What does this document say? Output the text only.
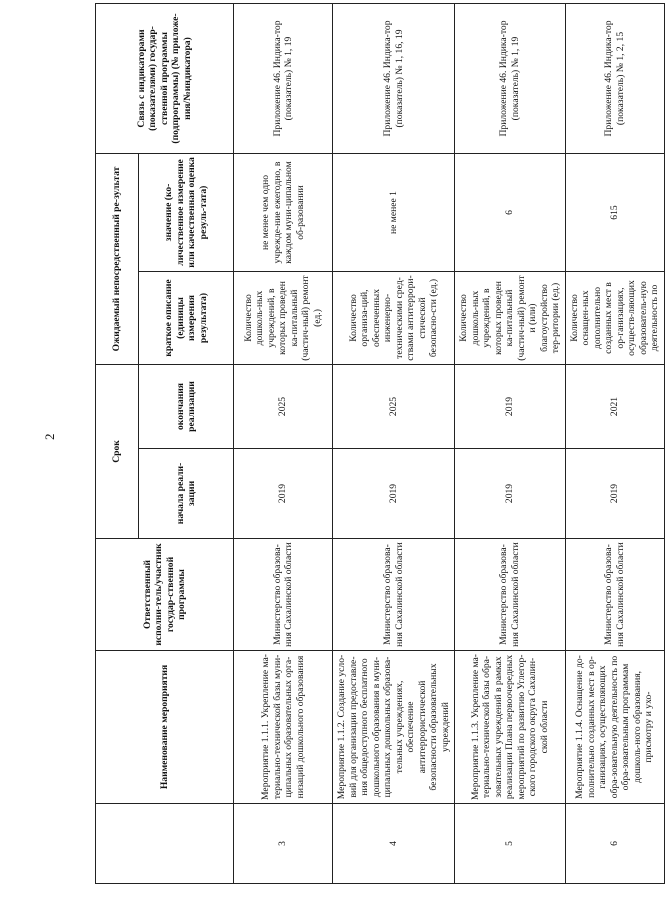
2
	Наименование мероприятия	Ответственный исполни-тель/участник государ-ственной программы	Срок		Ожидаемый непосредственный ре-зультат		Связь с индикаторами (показателями) государ-ственной программы (подпрограммы) (№ приложе-ния/№индикатора)
			начала реали-зации	окончания реализации	краткое описание (единицы измерения результата)	значение (ко-личественное измерение или качественная оценка резуль-тата)	
3	Мероприятие 1.1.1. Укрепление ма-териально-технической базы муни-ципальных образовательных орга-низаций дошкольного образования	Министерство образова-ния Сахалинской области	2019	2025	Количество дошколь-ных учреждений, в которых проведен ка-питальный (частич-ный) ремонт (ед.)	не менее чем одно учрежде-ние ежегодно, в каждом муни-ципальном об-разовании	Приложение 46. Индика-тор (показатель) № 1, 19
4	Мероприятие 1.1.2. Создание усло-вий для организации предоставле-ния общедоступного бесплатного дошкольного образования в муни-ципальных дошкольных образова-тельных учреждениях, обеспечение антитеррористической безопасности образовательных учреждений	Министерство образова-ния Сахалинской области	2019	2025	Количество организа-ций, обеспеченных инженерно-техническими сред-ствами антитеррори-стической безопасно-сти (ед.)	не менее 1	Приложение 46. Индика-тор (показатель) № 1, 16, 19
5	Мероприятие 1.1.3. Укрепление ма-териально-технической базы обра-зовательных учреждений в рамках реализации Плана первоочередных мероприятий по развитию Углегор-ского городского округа Сахалин-ской области	Министерство образова-ния Сахалинской области	2019	2019	Количество дошколь-ных учреждений, в которых проведен ка-питальный (частич-ный) ремонт и (или) благоустройство тер-ритории (ед.)	6	Приложение 46. Индика-тор (показатель) № 1, 19
6	Мероприятие 1.1.4. Оснащение до-полнительно созданных мест в ор-ганизациях, осуществляющих обра-зовательную деятельность по обра-зовательным программам дошколь-ного образования, присмотру и ухо-	Министерство образова-ния Сахалинской области	2019	2021	Количество оснащен-ных дополнительно созданных мест в ор-ганизациях, осуществ-ляющих образователь-ную деятельность по	615	Приложение 46. Индика-тор (показатель) № 1, 2, 15
